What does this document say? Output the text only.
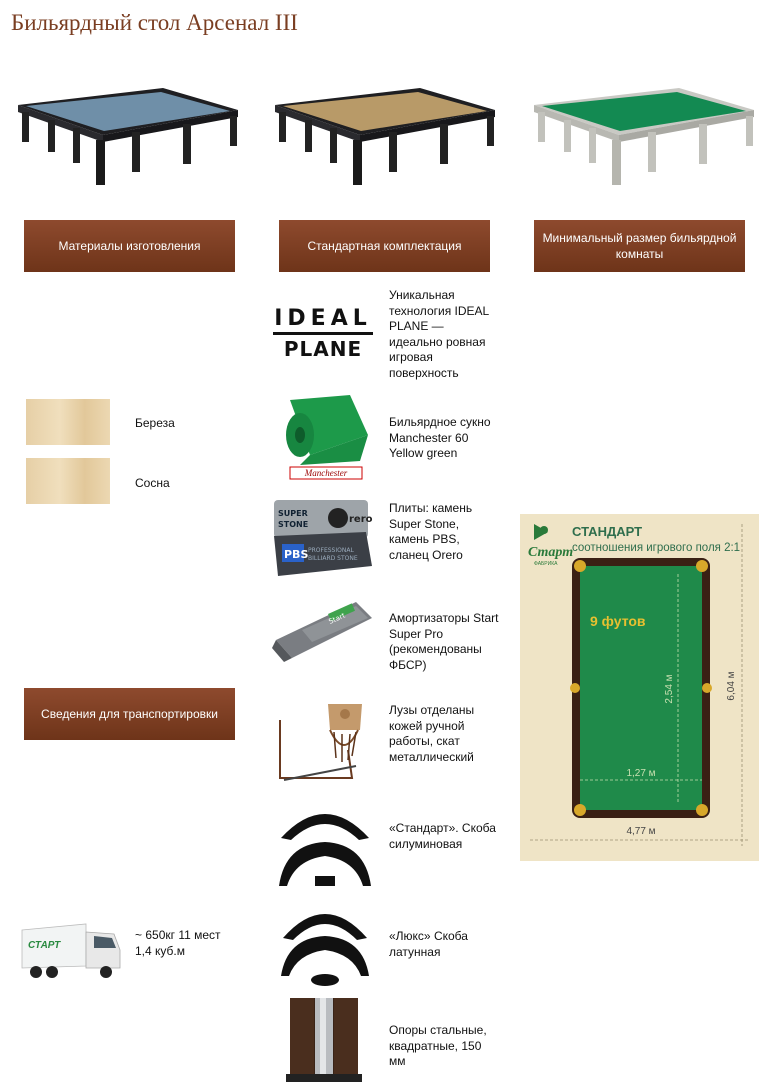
Бильярдный стол Арсенал III
Материалы изготовления	Стандартная комплектация
Минимальный размер бильярдной комнаты
Сведения для транспортировки
Береза
Сосна
IDEAL
PLANE
Уникальная технология IDEAL PLANE — идеально ровная игровая поверхность
Manchester
Бильярдное сукно Manchester 60 Yellow green
SUPER
STONE	rero
PBS PROFESSIONAL
BILLIARD STONE
Плиты: камень Super Stone, камень PBS, сланец Orero
Start	Амортизаторы Start Super Pro (рекомендованы ФБСР)
Лузы отделаны кожей ручной работы, скат металлический
«Стандарт». Скоба силуминовая
«Люкс» Скоба латунная
Опоры стальные, квадратные, 150 мм
Старт
ФАБРИКА
СТАНДАРТ
соотношения игрового поля 2:1
9 футов
2,54 м
1,27 м
6,04 м
4,77 м
СТАРТ
~ 650кг 11 мест 1,4 куб.м
